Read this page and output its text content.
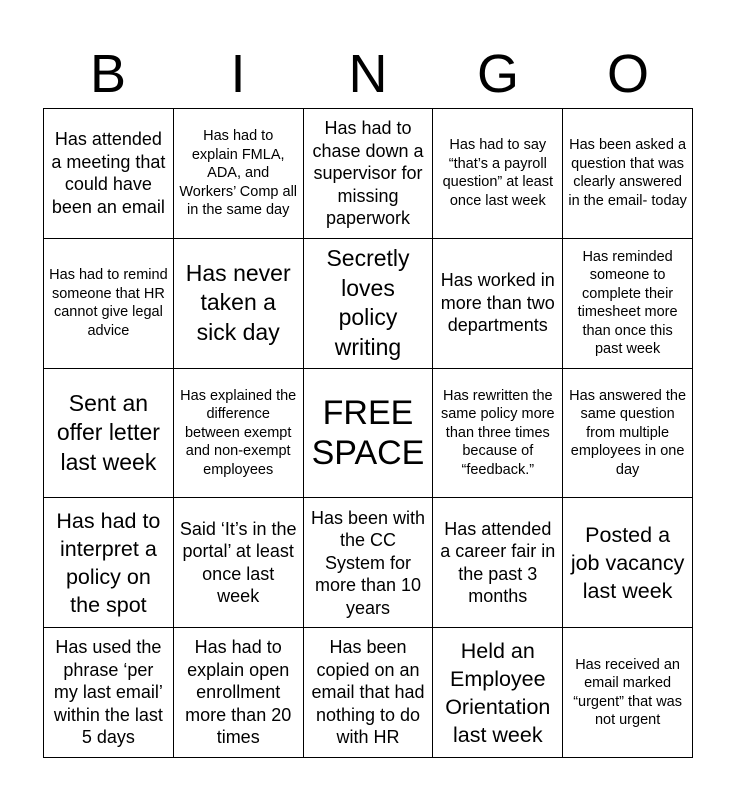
B	I	N	G	O
Has attended a meeting that could have been an email
Has had to explain FMLA, ADA, and Workers’ Comp all in the same day
Has had to chase down a supervisor for missing paperwork
Has had to say “that’s a payroll question” at least once last week
Has been asked a question that was clearly answered in the email- today
Has had to remind someone that HR cannot give legal advice
Has never taken a sick day
Secretly loves policy writing
Has worked in more than two departments
Has reminded someone to complete their timesheet more than once this past week
Sent an offer letter last week
Has explained the difference between exempt and non-exempt employees
FREE SPACE
Has rewritten the same policy more than three times because of “feedback.”
Has answered the same question from multiple employees in one day
Has had to interpret a policy on the spot
Said ‘It’s in the portal’ at least once last week
Has been with the CC System for more than 10 years
Has attended a career fair in the past 3 months
Posted a job vacancy last week
Has used the phrase ‘per my last email’ within the last 5 days
Has had to explain open enrollment more than 20 times
Has been copied on an email that had nothing to do with HR
Held an Employee Orientation last week
Has received an email marked “urgent” that was not urgent
